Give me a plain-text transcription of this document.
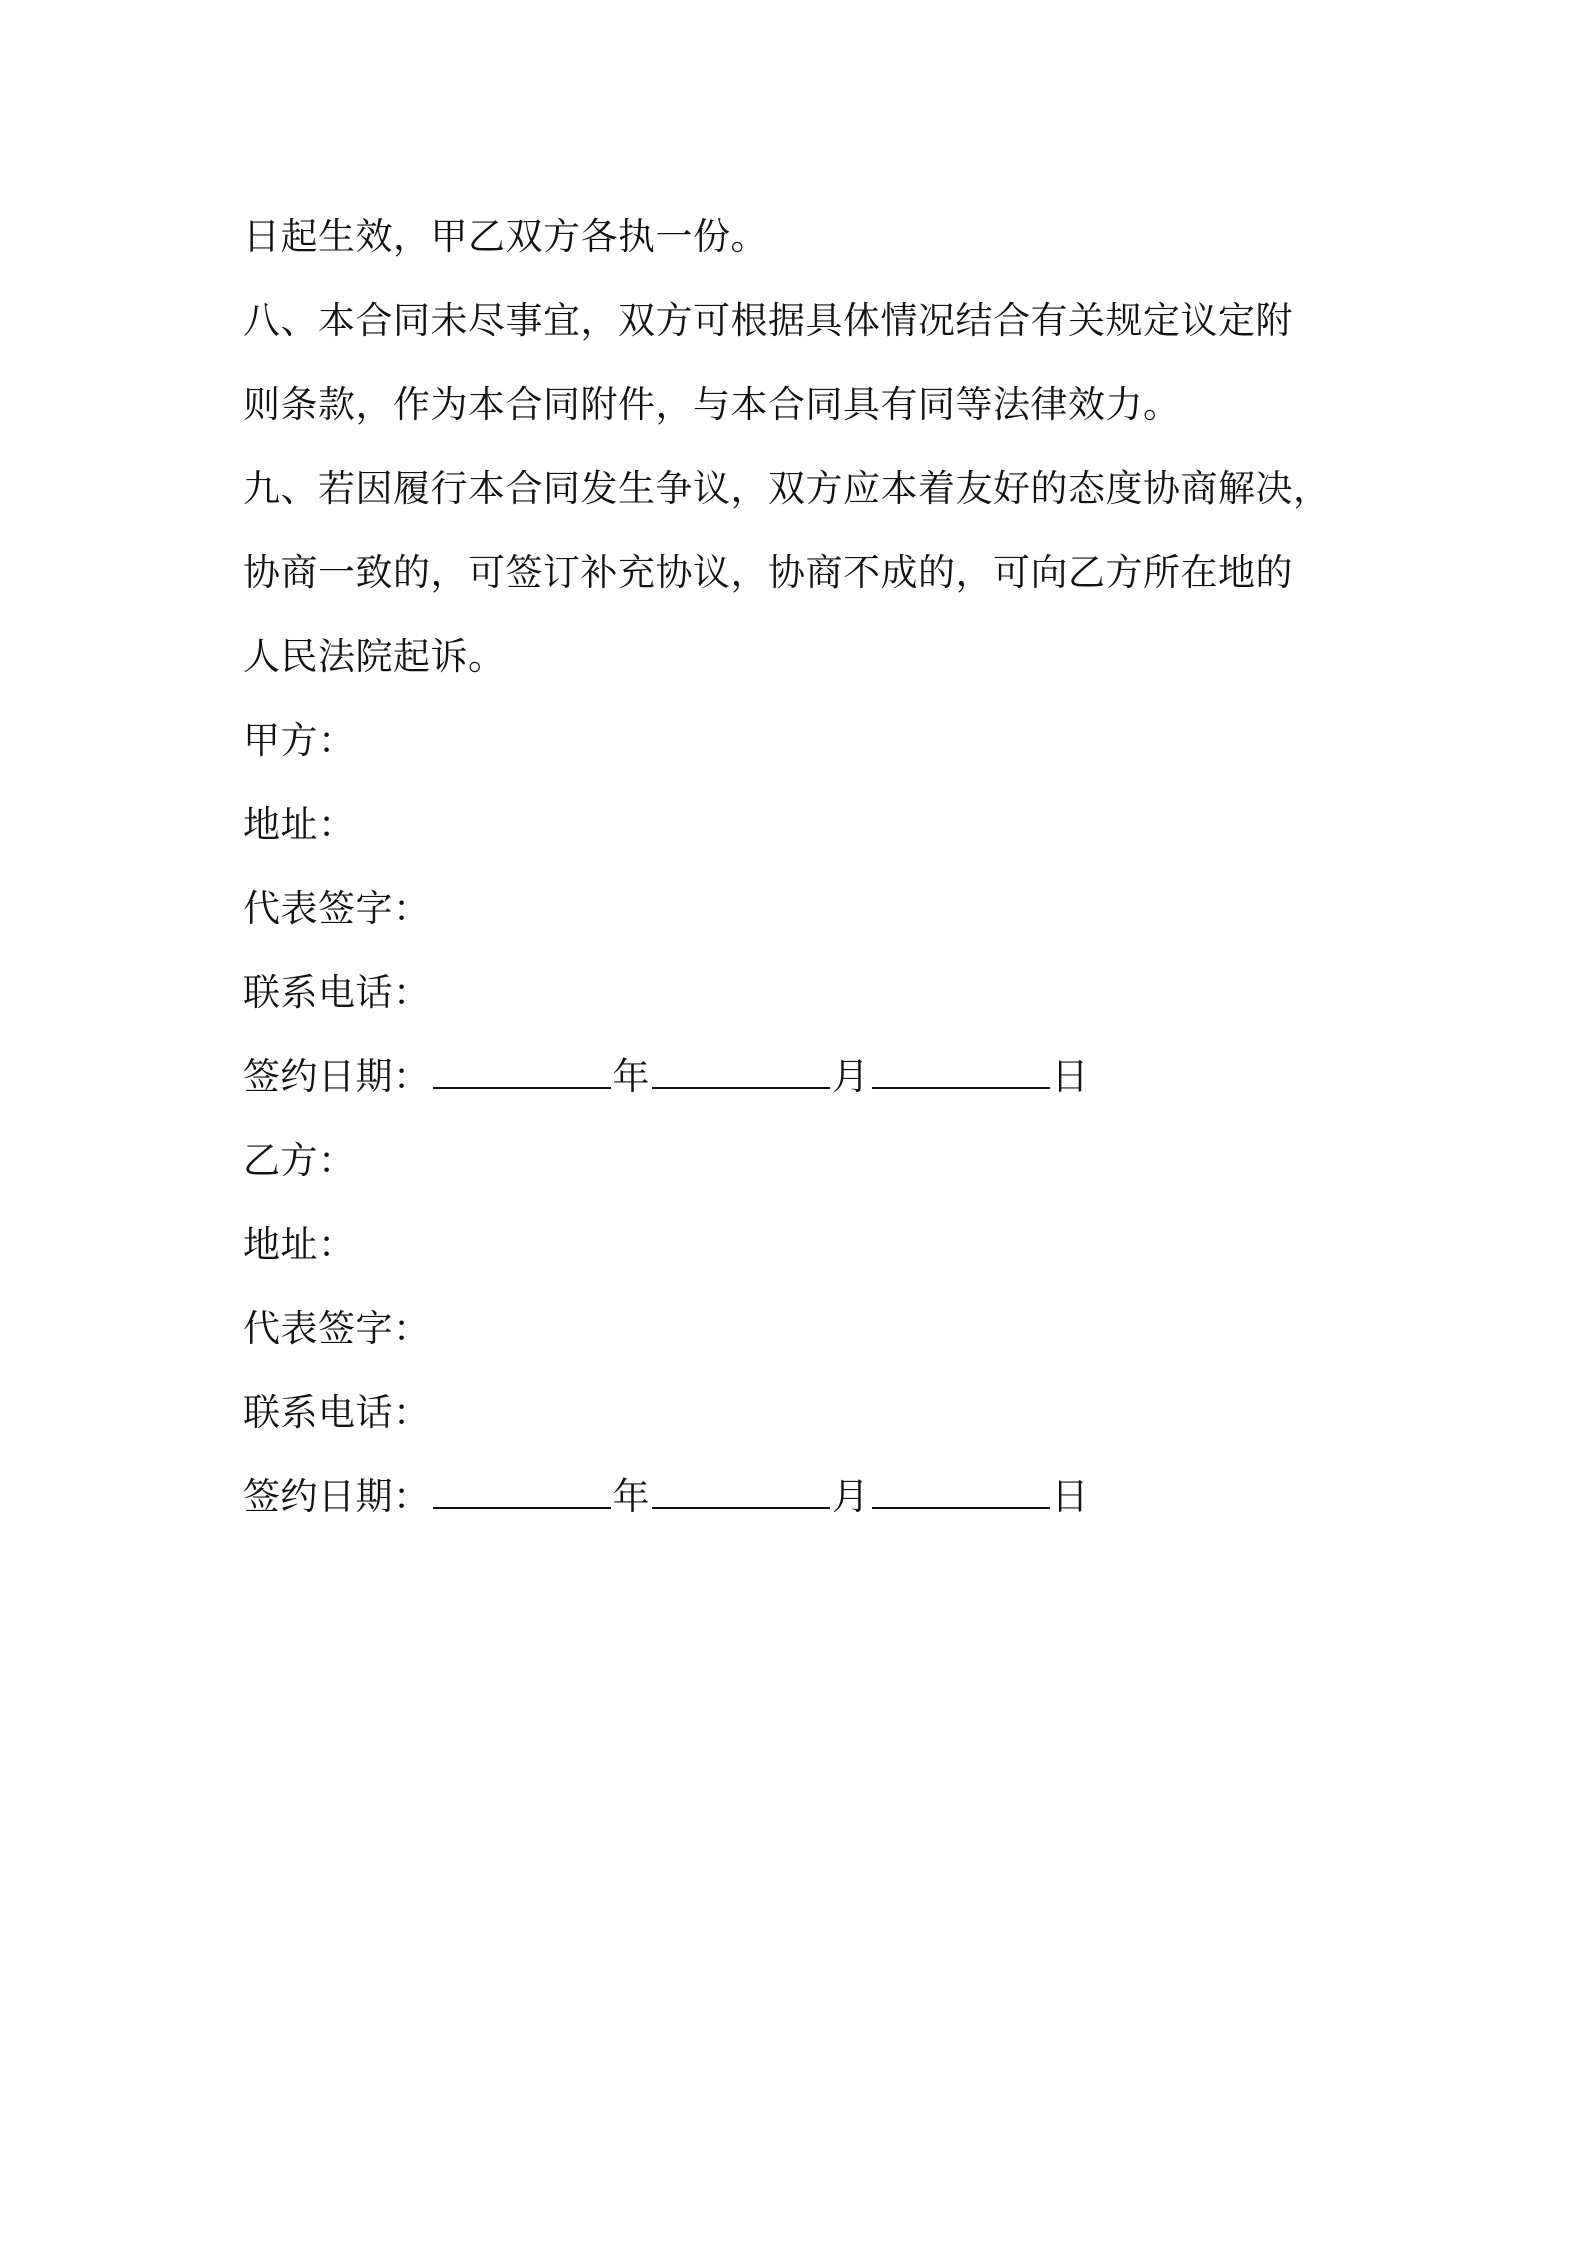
日起生效，甲乙双方各执一份。
八、本合同未尽事宜，双方可根据具体情况结合有关规定议定附
则条款，作为本合同附件，与本合同具有同等法律效力。
九、若因履行本合同发生争议，双方应本着友好的态度协商解决，
协商一致的，可签订补充协议，协商不成的，可向乙方所在地的
人民法院起诉。
甲方：
地址：
代表签字：
联系电话：
签约日期：	年	月	日
乙方：
地址：
代表签字：
联系电话：
签约日期：	年	月	日
